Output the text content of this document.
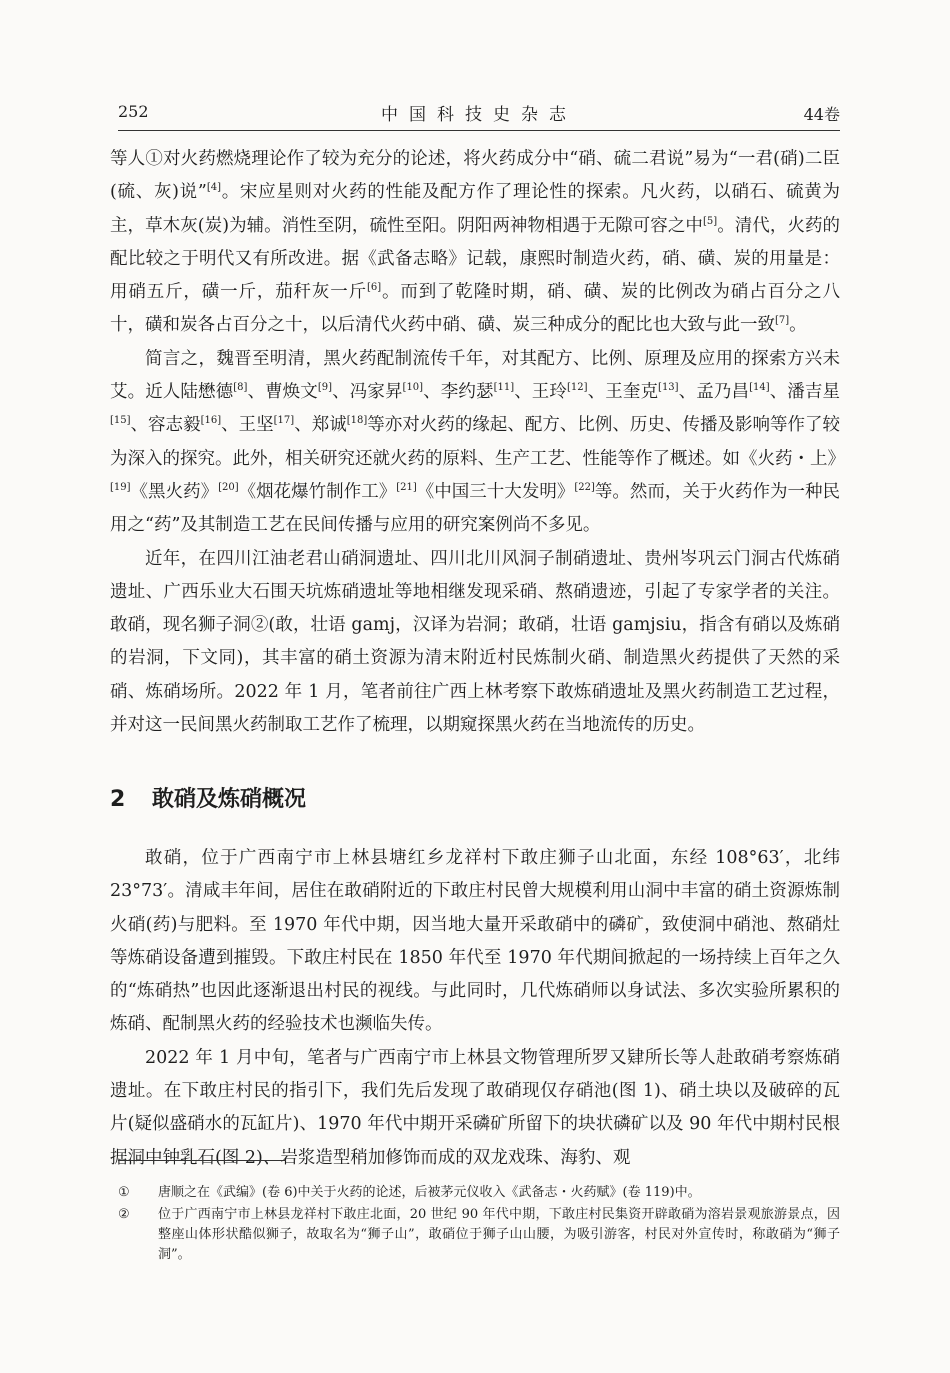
252	中国科技史杂志	44卷

等人①对火药燃烧理论作了较为充分的论述，将火药成分中“硝、硫二君说”易为“一君(硝)二臣(硫、灰)说”[4]。宋应星则对火药的性能及配方作了理论性的探索。凡火药，以硝石、硫黄为主，草木灰(炭)为辅。消性至阴，硫性至阳。阴阳两神物相遇于无隙可容之中[5]。清代，火药的配比较之于明代又有所改进。据《武备志略》记载，康熙时制造火药，硝、磺、炭的用量是：用硝五斤，磺一斤，茄秆灰一斤[6]。而到了乾隆时期，硝、磺、炭的比例改为硝占百分之八十，磺和炭各占百分之十，以后清代火药中硝、磺、炭三种成分的配比也大致与此一致[7]。

简言之，魏晋至明清，黑火药配制流传千年，对其配方、比例、原理及应用的探索方兴未艾。近人陆懋德[8]、曹焕文[9]、冯家昇[10]、李约瑟[11]、王玲[12]、王奎克[13]、孟乃昌[14]、潘吉星[15]、容志毅[16]、王坚[17]、郑诚[18]等亦对火药的缘起、配方、比例、历史、传播及影响等作了较为深入的探究。此外，相关研究还就火药的原料、生产工艺、性能等作了概述。如《火药・上》[19]《黑火药》[20]《烟花爆竹制作工》[21]《中国三十大发明》[22]等。然而，关于火药作为一种民用之“药”及其制造工艺在民间传播与应用的研究案例尚不多见。

近年，在四川江油老君山硝洞遗址、四川北川风洞子制硝遗址、贵州岑巩云门洞古代炼硝遗址、广西乐业大石围天坑炼硝遗址等地相继发现采硝、熬硝遗迹，引起了专家学者的关注。敢硝，现名狮子洞②(敢，壮语 gamj，汉译为岩洞；敢硝，壮语 gamjsiu，指含有硝以及炼硝的岩洞，下文同)，其丰富的硝土资源为清末附近村民炼制火硝、制造黑火药提供了天然的采硝、炼硝场所。2022 年 1 月，笔者前往广西上林考察下敢炼硝遗址及黑火药制造工艺过程，并对这一民间黑火药制取工艺作了梳理，以期窥探黑火药在当地流传的历史。

2 敢硝及炼硝概况

敢硝，位于广西南宁市上林县塘红乡龙祥村下敢庄狮子山北面，东经 108°63′，北纬 23°73′。清咸丰年间，居住在敢硝附近的下敢庄村民曾大规模利用山洞中丰富的硝土资源炼制火硝(药)与肥料。至 1970 年代中期，因当地大量开采敢硝中的磷矿，致使洞中硝池、熬硝灶等炼硝设备遭到摧毁。下敢庄村民在 1850 年代至 1970 年代期间掀起的一场持续上百年之久的“炼硝热”也因此逐渐退出村民的视线。与此同时，几代炼硝师以身试法、多次实验所累积的炼硝、配制黑火药的经验技术也濒临失传。

2022 年 1 月中旬，笔者与广西南宁市上林县文物管理所罗又肄所长等人赴敢硝考察炼硝遗址。在下敢庄村民的指引下，我们先后发现了敢硝现仅存硝池(图 1)、硝土块以及破碎的瓦片(疑似盛硝水的瓦缸片)、1970 年代中期开采磷矿所留下的块状磷矿以及 90 年代中期村民根据洞中钟乳石(图 2)、岩浆造型稍加修饰而成的双龙戏珠、海豹、观

①	唐顺之在《武编》(卷 6)中关于火药的论述，后被茅元仪收入《武备志・火药赋》(卷 119)中。
②	位于广西南宁市上林县龙祥村下敢庄北面，20 世纪 90 年代中期，下敢庄村民集资开辟敢硝为溶岩景观旅游景点，因整座山体形状酷似狮子，故取名为“狮子山”，敢硝位于狮子山山腰，为吸引游客，村民对外宣传时，称敢硝为“狮子洞”。
